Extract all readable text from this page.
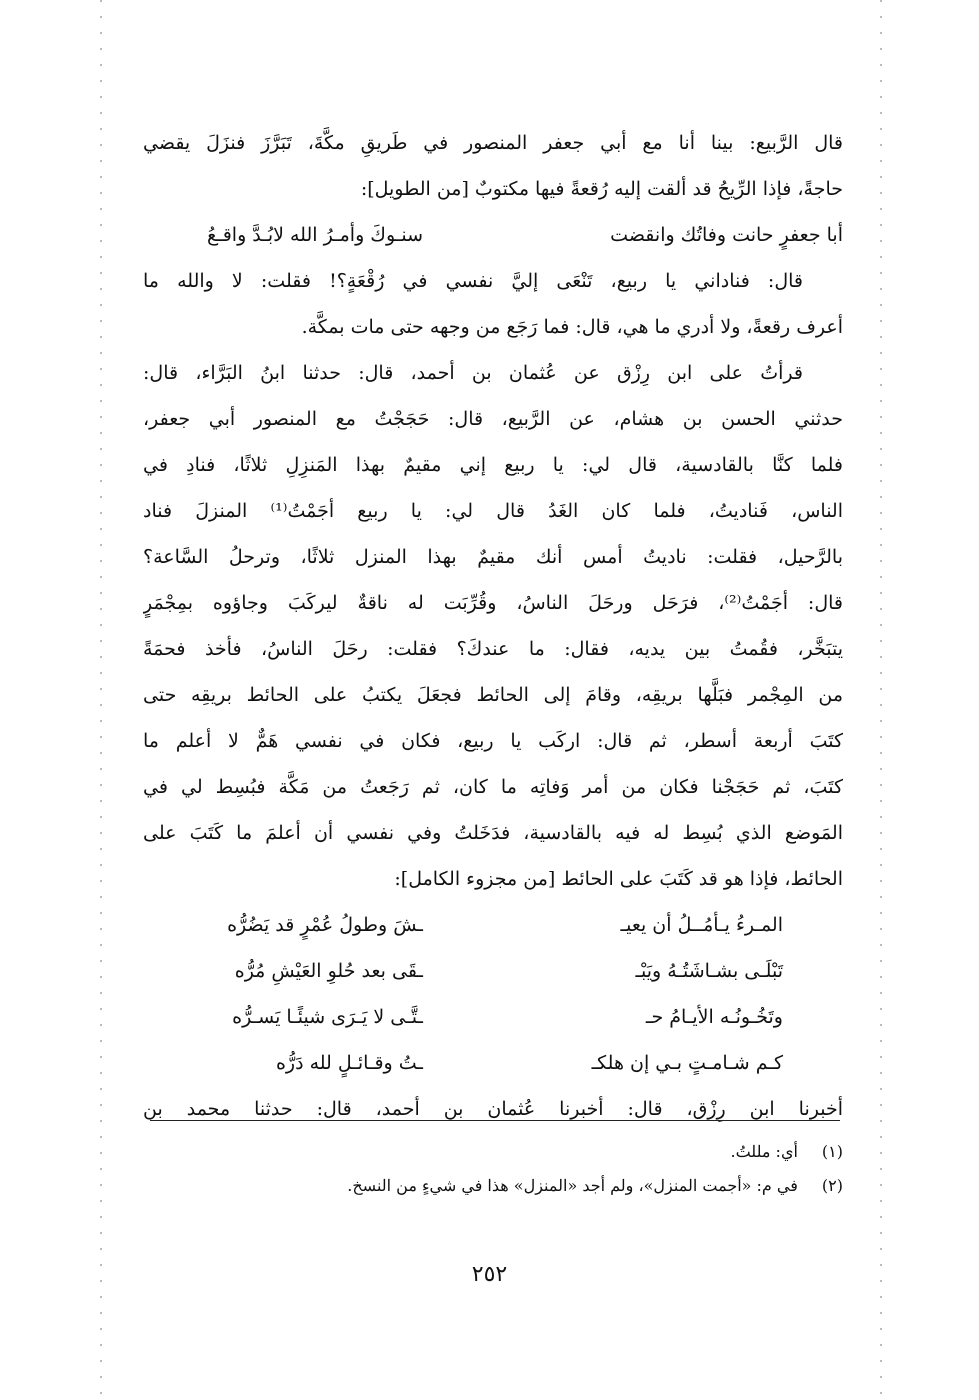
قال الرَّبيع: بينا أنا مع أبي جعفر المنصور في طَريقِ مكَّةَ، تَبَرَّزَ فنزَلَ يقضي
حاجةً، فإذا الرِّيحُ قد ألقت إليه رُقعةً فيها مكتوبٌ [من الطويل]:
أبا جعفرٍ حانت وفاتُك وانقضت
سنـوكَ وأمـرُ الله لابُـدَّ واقـعُ
قال: فناداني يا ربيع، تَنْعَى إليَّ نفسي في رُقْعَةٍ؟! فقلت: لا والله ما
أعرف رقعةً، ولا أدري ما هي، قال: فما رَجَع من وجهه حتى مات بمكَّة.
قرأتُ على ابن رِزْق عن عُثمان بن أحمد، قال: حدثنا ابنُ البَرَّاء، قال:
حدثني الحسن بن هشام، عن الرَّبيع، قال: حَجَجْتُ مع المنصور أبي جعفر،
فلما كنَّا بالقادسية، قال لي: يا ربيع إني مقيمٌ بهذا المَنزِلِ ثلاثًا، فنادِ في
الناس، فَناديتُ، فلما كان الغَدُ قال لي: يا ربيع أجَمْتُ⁽¹⁾ المنزلَ فناد
بالرَّحيل، فقلت: ناديتُ أمس أنك مقيمٌ بهذا المنزل ثلاثًا، وترحلُ السَّاعة؟
قال: أجَمْتُ⁽²⁾، فرَحَل ورحَلَ الناسُ، وقُرِّبَت له ناقةٌ ليركَبَ وجاؤوه بمِجْمَرٍ
يتبَخَّر، فقُمتُ بين يديه، فقال: ما عندكَ؟ فقلت: رحَلَ الناسُ، فأخذ فحمَةً
من المِجْمر فبَلَّها بريقِه، وقامَ إلى الحائط فجعَلَ يكتبُ على الحائط بريقِه حتى
كتَبَ أربعة أسطر، ثم قال: اركَب يا ربيع، فكان في نفسي هَمٌّ لا أعلم ما
كتَبَ، ثم حَجَجْنا فكان من أمر وَفاتِه ما كان، ثم رَجَعتُ من مَكَّة فبُسِط لي في
المَوضع الذي بُسِط له فيه بالقادسية، فدَخَلتُ وفي نفسي أن أعلمَ ما كَتَبَ على
الحائط، فإذا هو قد كَتَبَ على الحائط [من مجزوء الكامل]:
المـرءُ يـأمُــلُ أن يعيـ
ـشَ وطولُ عُمْرٍ قد يَضُرُّه
تَبْلَـى بشـاشَتُـهُ ويَبْـ
ـقَى بعد حُلوِ العَيْشِ مُرُّه
وتَخُـونُـه الأيـامُ حـ
ـتَّـى لا يَـرَى شيئًـا يَسـرُّه
كـم شـامـتٍ بـي إن هلكـ
ـتُ وقـائـلٍ لله دَرُّه
أخبرنا ابن رِزْق، قال: أخبرنا عُثمان بن أحمد، قال: حدثنا محمد بن
(١) أي: مللتُ.
(٢) في م: «أجمت المنزل»، ولم أجد «المنزل» هذا في شيءٍ من النسخ.
٢٥٢
